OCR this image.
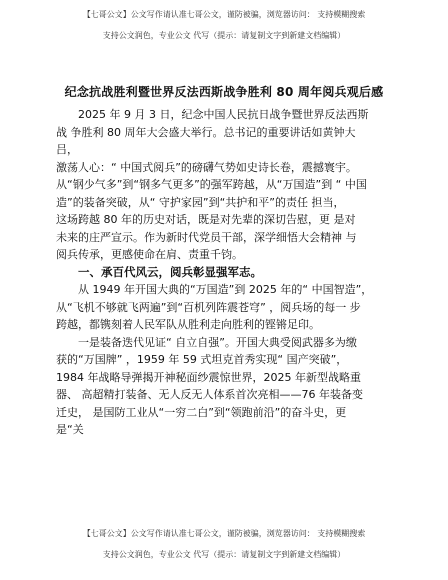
【七哥公文】公文写作请认准七哥公文，谨防被骗，浏览器访问： 支持模糊搜索
支持公文润色，专业公文 代写（提示：请复制文字到新建文档编辑）
纪念抗战胜利暨世界反法西斯战争胜利 80 周年阅兵观后感
2025 年 9 月 3 日，纪念中国人民抗日战争暨世界反法西斯
战 争胜利 80 周年大会盛大举行。总书记的重要讲话如黄钟大
吕，
激荡人心：“ 中国式阅兵”的磅礴气势如史诗长卷，震撼寰宇。
从“钢少气多”到“钢多气更多”的强军跨越，从“万国造”到 “ 中国
造”的装备突破，从“ 守护家园”到“共护和平”的责任 担当，
这场跨越 80 年的历史对话，既是对先辈的深切告慰，更 是对
未来的庄严宣示。作为新时代党员干部，深学细悟大会精神 与
阅兵传承，更感使命在肩、责重千钧。
一、承百代风云，阅兵彰显强军志。
从 1949 年开国大典的“万国造”到 2025 年的“ 中国智造”，
从“飞机不够就飞两遍”到“百机列阵震苍穹” ，阅兵场的每一 步
跨越，都镌刻着人民军队从胜利走向胜利的铿锵足印。
一是装备迭代见证“ 自立自强”。开国大典受阅武器多为缴
获的“万国牌” ，1959 年 59 式坦克首秀实现“ 国产突破”，
1984 年战略导弹揭开神秘面纱震惊世界，2025 年新型战略重
器、 高超精打装备、无人反无人体系首次亮相——76 年装备变
迁史， 是国防工业从“一穷二白”到“领跑前沿”的奋斗史，更
是“关
【七哥公文】公文写作请认准七哥公文，谨防被骗，浏览器访问： 支持模糊搜索
支持公文润色，专业公文 代写（提示：请复制文字到新建文档编辑）
